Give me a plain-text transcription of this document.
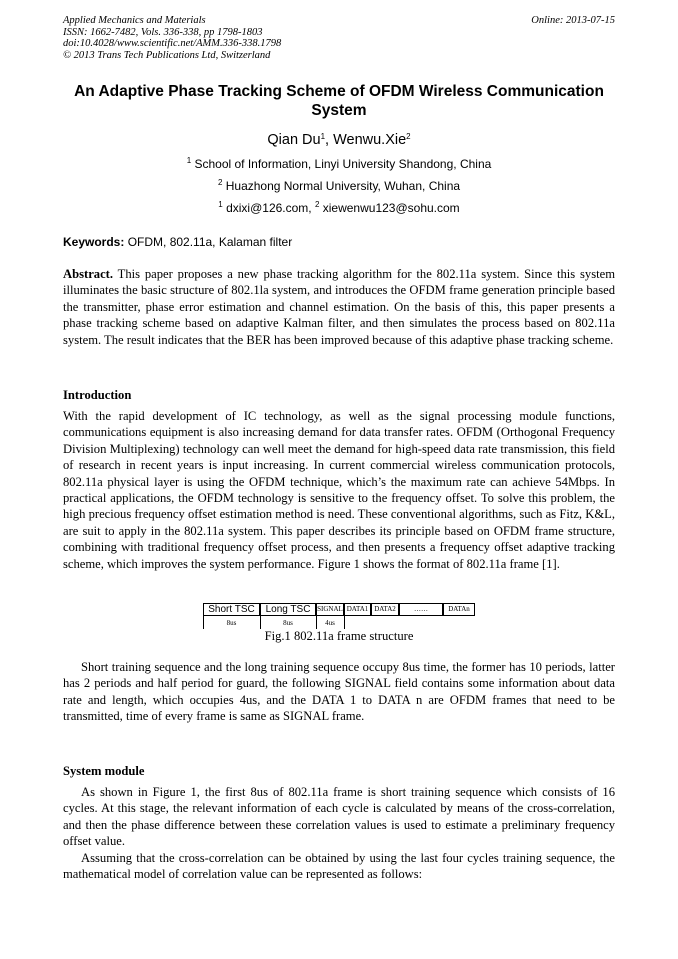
Applied Mechanics and Materials
ISSN: 1662-7482, Vols. 336-338, pp 1798-1803
doi:10.4028/www.scientific.net/AMM.336-338.1798
© 2013 Trans Tech Publications Ltd, Switzerland
Online: 2013-07-15
An Adaptive Phase Tracking Scheme of OFDM Wireless Communication
System
Qian Du$^1$, Wenwu.Xie$^2$
$^1$ School of Information, Linyi University Shandong, China
$^2$ Huazhong Normal University, Wuhan, China
$^1$ dxixi@126.com, $^2$ xiewenwu123@sohu.com
Keywords: OFDM, 802.11a, Kalaman filter
Abstract. This paper proposes a new phase tracking algorithm for the 802.11a system. Since this system illuminates the basic structure of 802.1la system, and introduces the OFDM frame generation principle based the transmitter, phase error estimation and channel estimation. On the basis of this, this paper presents a phase tracking scheme based on adaptive Kalman filter, and then simulates the process based on 802.11a system. The result indicates that the BER has been improved because of this adaptive phase tracking scheme.
Introduction
With the rapid development of IC technology, as well as the signal processing module functions, communications equipment is also increasing demand for data transfer rates. OFDM (Orthogonal Frequency Division Multiplexing) technology can well meet the demand for high-speed data rate transmission, this field of research in recent years is input increasing. In current commercial wireless communication protocols, 802.11a physical layer is using the OFDM technique, which’s the maximum rate can achieve 54Mbps. In practical applications, the OFDM technology is sensitive to the frequency offset. To solve this problem, the high precious frequency offset estimation method is need. These conventional algorithms, such as Fitz, K&L, are suit to apply in the 802.11a system. This paper describes its principle based on OFDM frame structure, combining with traditional frequency offset process, and then presents a frequency offset adaptive tracking scheme, which improves the system performance. Figure 1 shows the format of 802.11a frame [1].
Short TSC	Long TSC SIGNAL DATA1 DATA2	……	DATAn
8us	8us	4us
Fig.1 802.11a frame structure
Short training sequence and the long training sequence occupy 8us time, the former has 10 periods, latter has 2 periods and half period for guard, the following SIGNAL field contains some information about data rate and length, which occupies 4us, and the DATA 1 to DATA n are OFDM frames that need to be transmitted, time of every frame is same as SIGNAL frame.
System module
As shown in Figure 1, the first 8us of 802.11a frame is short training sequence which consists of 16 cycles. At this stage, the relevant information of each cycle is calculated by means of the cross-correlation, and then the phase difference between these correlation values is used to estimate a preliminary frequency offset value.
Assuming that the cross-correlation can be obtained by using the last four cycles training sequence, the mathematical model of correlation value can be represented as follows:
